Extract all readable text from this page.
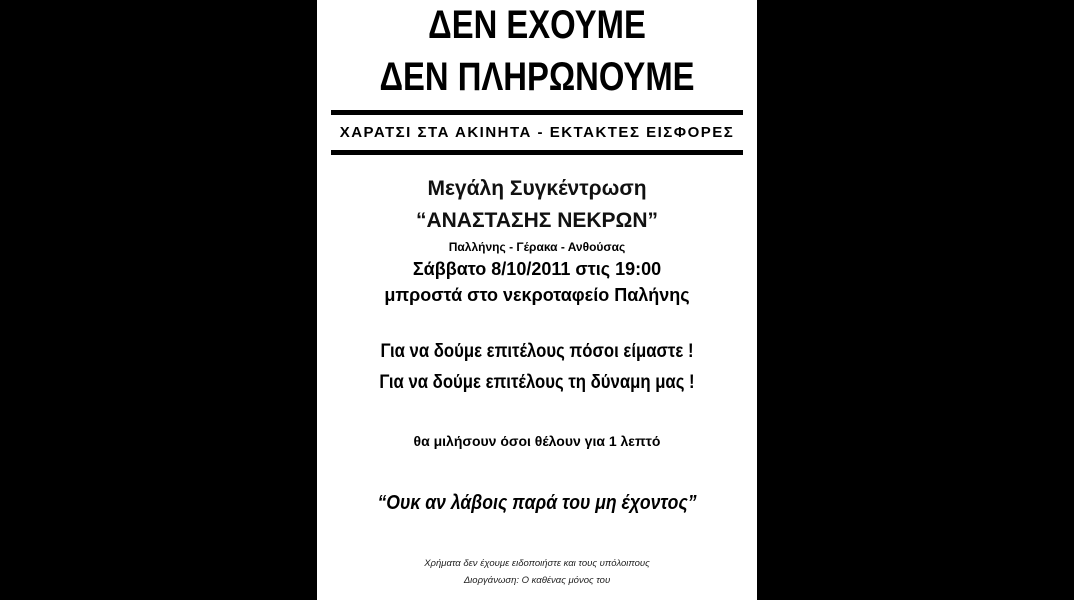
ΔΕΝ ΕΧΟΥΜΕ
ΔΕΝ ΠΛΗΡΩΝΟΥΜΕ
ΧΑΡΑΤΣΙ ΣΤΑ ΑΚΙΝΗΤΑ - ΕΚΤΑΚΤΕΣ ΕΙΣΦΟΡΕΣ
Μεγάλη Συγκέντρωση
“ΑΝΑΣΤΑΣΗΣ ΝΕΚΡΩΝ”
Παλλήνης - Γέρακα - Ανθούσας
Σάββατο 8/10/2011 στις 19:00
μπροστά στο νεκροταφείο Παλήνης
Για να δούμε επιτέλους πόσοι είμαστε !
Για να δούμε επιτέλους τη δύναμη μας !
θα μιλήσουν όσοι θέλουν για 1 λεπτό
“Ουκ αν λάβοις παρά του μη έχοντος”
Χρήματα δεν έχουμε ειδοποιήστε και τους υπόλοιπους
Διοργάνωση: Ο καθένας μόνος του
